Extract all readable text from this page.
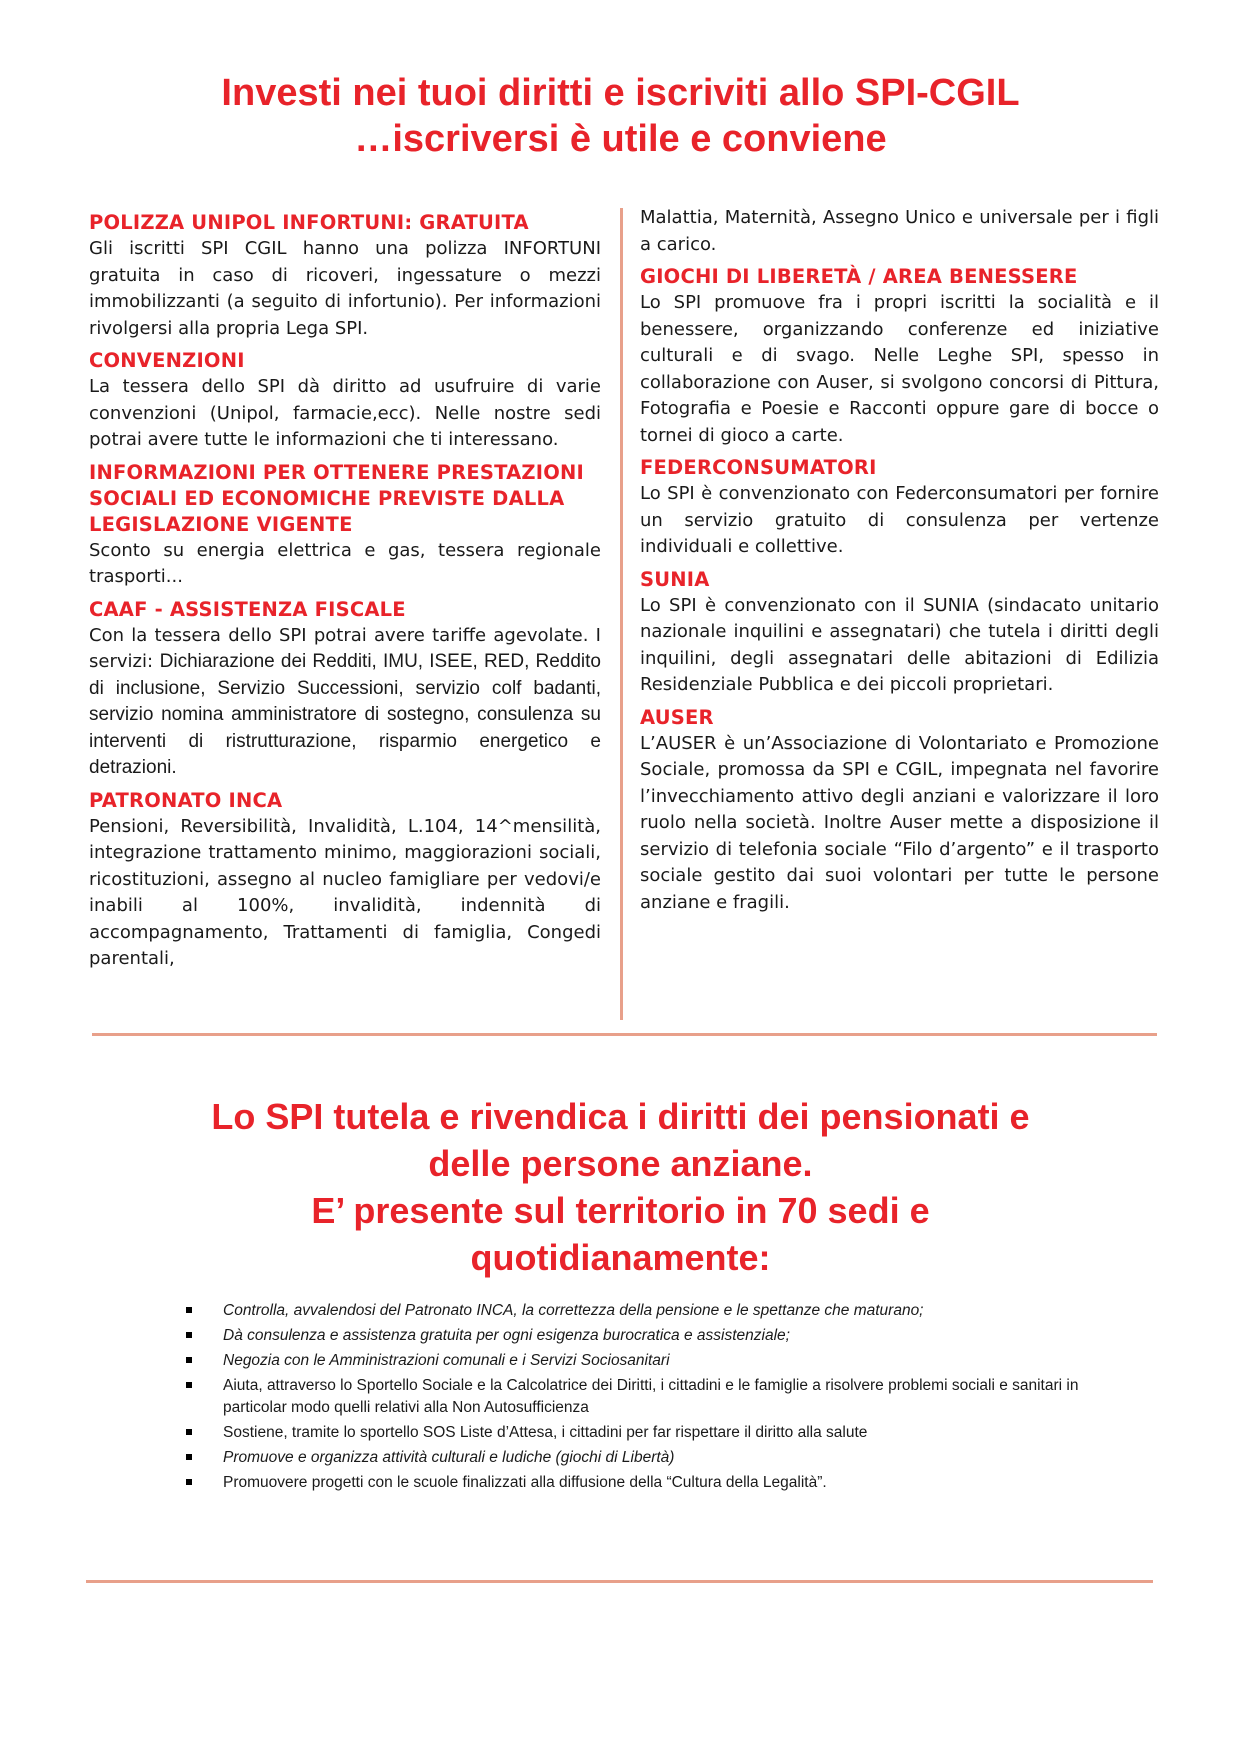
Investi nei tuoi diritti e iscriviti allo SPI-CGIL
…iscriversi è utile e conviene
POLIZZA UNIPOL INFORTUNI: GRATUITA

Gli iscritti SPI CGIL hanno una polizza INFORTUNI gratuita in caso di ricoveri, ingessature o mezzi immobilizzanti (a seguito di infortunio). Per informazioni rivolgersi alla propria Lega SPI.

CONVENZIONI

La tessera dello SPI dà diritto ad usufruire di varie convenzioni (Unipol, farmacie,ecc). Nelle nostre sedi potrai avere tutte le informazioni che ti interessano.

INFORMAZIONI PER OTTENERE PRESTAZIONI SOCIALI ED ECONOMICHE PREVISTE DALLA LEGISLAZIONE VIGENTE

Sconto su energia elettrica e gas, tessera regionale trasporti...

CAAF - ASSISTENZA FISCALE

Con la tessera dello SPI potrai avere tariffe agevolate. I servizi: Dichiarazione dei Redditi, IMU, ISEE, RED, Reddito di inclusione, Servizio Successioni, servizio colf badanti, servizio nomina amministratore di sostegno, consulenza su interventi di ristrutturazione, risparmio energetico e detrazioni.

PATRONATO INCA

Pensioni, Reversibilità, Invalidità, L.104, 14^mensilità, integrazione trattamento minimo, maggiorazioni sociali, ricostituzioni, assegno al nucleo famigliare per vedovi/e inabili al 100%, invalidità, indennità di accompagnamento, Trattamenti di famiglia, Congedi parentali,

Malattia, Maternità, Assegno Unico e universale per i figli a carico.

GIOCHI DI LIBERETÀ / AREA BENESSERE

Lo SPI promuove fra i propri iscritti la socialità e il benessere, organizzando conferenze ed iniziative culturali e di svago. Nelle Leghe SPI, spesso in collaborazione con Auser, si svolgono concorsi di Pittura, Fotografia e Poesie e Racconti oppure gare di bocce o tornei di gioco a carte.

FEDERCONSUMATORI

Lo SPI è convenzionato con Federconsumatori per fornire un servizio gratuito di consulenza per vertenze individuali e collettive.

SUNIA

Lo SPI è convenzionato con il SUNIA (sindacato unitario nazionale inquilini e assegnatari) che tutela i diritti degli inquilini, degli assegnatari delle abitazioni di Edilizia Residenziale Pubblica e dei piccoli proprietari.

AUSER

L’AUSER è un’Associazione di Volontariato e Promozione Sociale, promossa da SPI e CGIL, impegnata nel favorire l’invecchiamento attivo degli anziani e valorizzare il loro ruolo nella società. Inoltre Auser mette a disposizione il servizio di telefonia sociale “Filo d’argento” e il trasporto sociale gestito dai suoi volontari per tutte le persone anziane e fragili.

Lo SPI tutela e rivendica i diritti dei pensionati e
delle persone anziane.
E’ presente sul territorio in 70 sedi e
quotidianamente:
Controlla, avvalendosi del Patronato INCA, la correttezza della pensione e le spettanze che maturano;
Dà consulenza e assistenza gratuita per ogni esigenza burocratica e assistenziale;
Negozia con le Amministrazioni comunali e i Servizi Sociosanitari
Aiuta, attraverso lo Sportello Sociale e la Calcolatrice dei Diritti, i cittadini e le famiglie a risolvere problemi sociali e sanitari in particolar modo quelli relativi alla Non Autosufficienza
Sostiene, tramite lo sportello SOS Liste d’Attesa, i cittadini per far rispettare il diritto alla salute
Promuove e organizza attività culturali e ludiche (giochi di Libertà)
Promuovere progetti con le scuole finalizzati alla diffusione della “Cultura della Legalità”.
